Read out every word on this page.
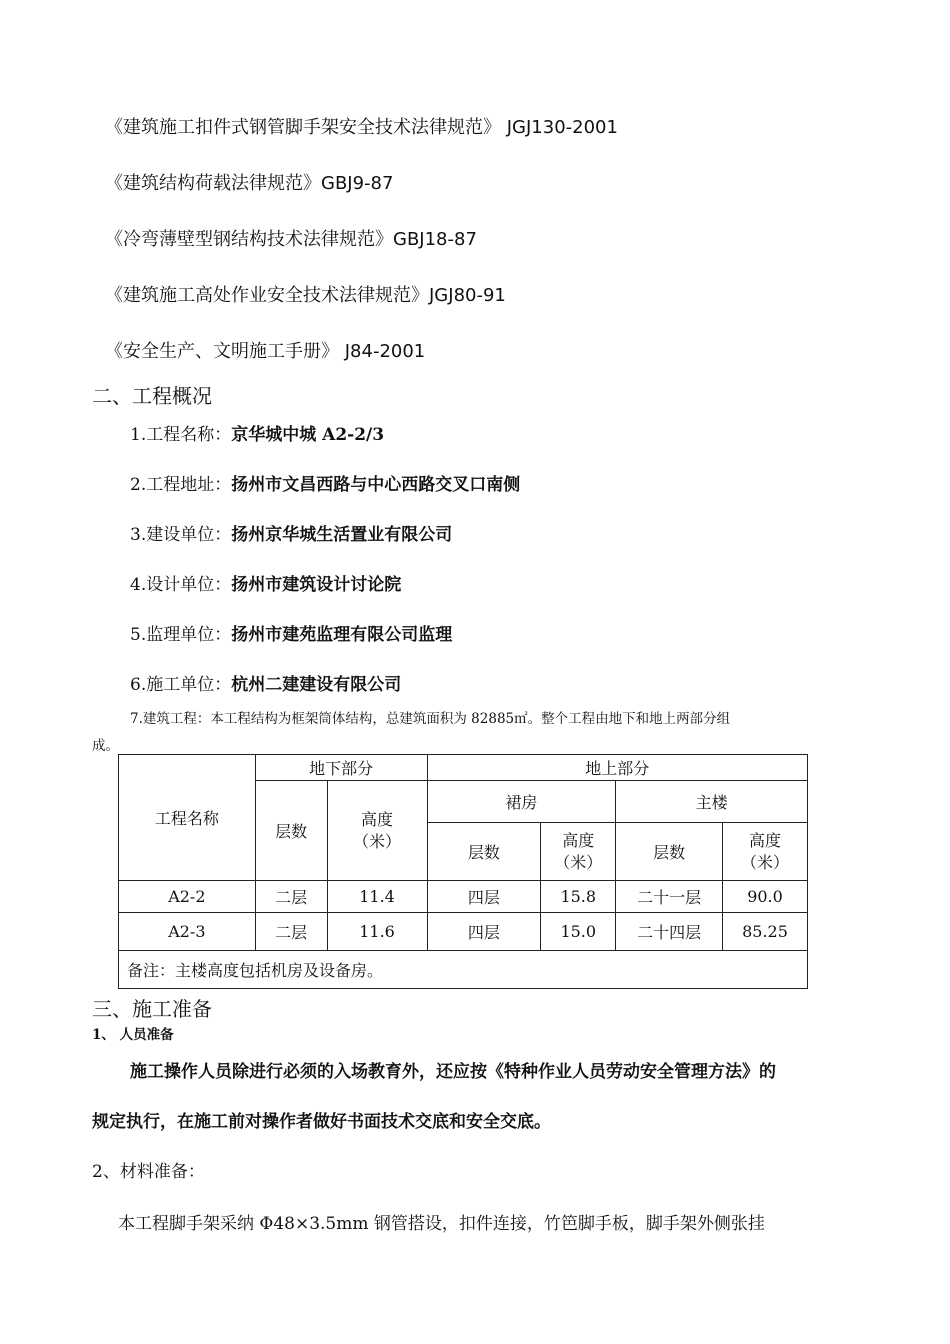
《建筑施工扣件式钢管脚手架安全技术法律规范》 JGJ130-2001
《建筑结构荷载法律规范》GBJ9-87
《冷弯薄壁型钢结构技术法律规范》GBJ18-87
《建筑施工高处作业安全技术法律规范》JGJ80-91
《安全生产、文明施工手册》 J84-2001
二、工程概况
1.工程名称：京华城中城 A2-2/3
2.工程地址：扬州市文昌西路与中心西路交叉口南侧
3.建设单位：扬州京华城生活置业有限公司
4.设计单位：扬州市建筑设计讨论院
5.监理单位：扬州市建苑监理有限公司监理
6.施工单位：杭州二建建设有限公司
7.建筑工程：本工程结构为框架筒体结构，总建筑面积为 82885㎡。整个工程由地下和地上两部分组
成。
工程名称	地下部分		地上部分			
	层数	高度（米）	裙房		主楼	
			层数	高度（米）	层数	高度（米）
A2-2	二层	11.4	四层	15.8	二十一层	90.0
A2-3	二层	11.6	四层	15.0	二十四层	85.25
备注：主楼高度包括机房及设备房。						
三、施工准备
1、 人员准备
施工操作人员除进行必须的入场教育外，还应按《特种作业人员劳动安全管理方法》的
规定执行，在施工前对操作者做好书面技术交底和安全交底。
2、材料准备：
本工程脚手架采纳 Φ48×3.5mm 钢管搭设，扣件连接，竹笆脚手板，脚手架外侧张挂
